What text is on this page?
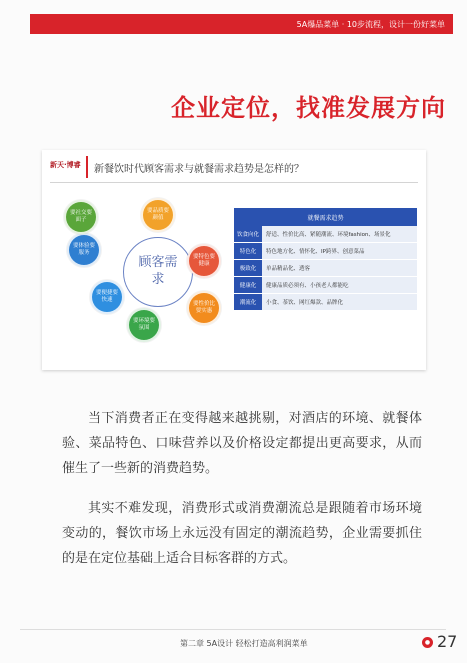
5A爆品菜单 · 10步流程，设计一份好菜单
企业定位，找准发展方向
新天·博睿 新餐饮时代顾客需求与就餐需求趋势是怎样的？
顾客需求
要品质要颜值
要特色要健康
要体验要服务
要性价比要实惠
要环境要氛围
要便捷要快速
要社交要面子	就餐需求趋势	
饮食向化	舒适、性价比高、紧随潮流、环境fashion、场景化
特色化	特色地方化、情怀化、IP跨界、创意菜品
极致化	单品精品化、透客
健康化	健康品质必须有、小孩老人都能吃
潮流化	小食、茶饮、网红爆款、品牌化

当下消费者正在变得越来越挑剔，对酒店的环境、就餐体验、菜品特色、口味营养以及价格设定都提出更高要求，从而催生了一些新的消费趋势。

其实不难发现，消费形式或消费潮流总是跟随着市场环境变动的，餐饮市场上永远没有固定的潮流趋势，企业需要抓住的是在定位基础上适合目标客群的方式。

第二章 5A设计 轻松打造高利润菜单	● 27
